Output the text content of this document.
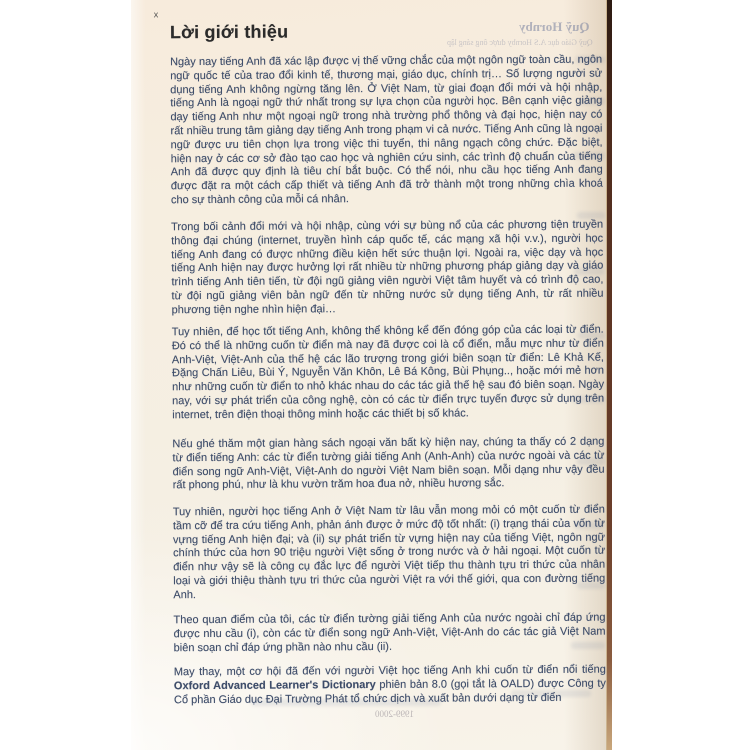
Quỹ Hornby
Quỹ Giáo dục A.S Hornby được ông sáng lập
1999-2000
x
Lời giới thiệu

Ngày nay tiếng Anh đã xác lập được vị thế vững chắc của một ngôn ngữ toàn cầu, ngôn ngữ quốc tế của trao đổi kinh tế, thương mại, giáo dục, chính trị… Số lượng người sử dụng tiếng Anh không ngừng tăng lên. Ở Việt Nam, từ giai đoạn đổi mới và hội nhập, tiếng Anh là ngoại ngữ thứ nhất trong sự lựa chọn của người học. Bên cạnh việc giảng dạy tiếng Anh như một ngoại ngữ trong nhà trường phổ thông và đại học, hiện nay có rất nhiều trung tâm giảng dạy tiếng Anh trong phạm vi cả nước. Tiếng Anh cũng là ngoại ngữ được ưu tiên chọn lựa trong việc thi tuyển, thi nâng ngạch công chức. Đặc biệt, hiện nay ở các cơ sở đào tạo cao học và nghiên cứu sinh, các trình độ chuẩn của tiếng Anh đã được quy định là tiêu chí bắt buộc. Có thể nói, nhu cầu học tiếng Anh đang được đặt ra một cách cấp thiết và tiếng Anh đã trở thành một trong những chìa khoá cho sự thành công của mỗi cá nhân.

Trong bối cảnh đổi mới và hội nhập, cùng với sự bùng nổ của các phương tiện truyền thông đại chúng (internet, truyền hình cáp quốc tế, các mạng xã hội v.v.), người học tiếng Anh đang có được những điều kiện hết sức thuận lợi. Ngoài ra, việc dạy và học tiếng Anh hiện nay được hưởng lợi rất nhiều từ những phương pháp giảng dạy và giáo trình tiếng Anh tiên tiến, từ đội ngũ giảng viên người Việt tâm huyết và có trình độ cao, từ đội ngũ giảng viên bản ngữ đến từ những nước sử dụng tiếng Anh, từ rất nhiều phương tiện nghe nhìn hiện đại…

Tuy nhiên, để học tốt tiếng Anh, không thể không kể đến đóng góp của các loại từ điển. Đó có thể là những cuốn từ điển mà nay đã được coi là cổ điển, mẫu mực như từ điển Anh-Việt, Việt-Anh của thế hệ các lão trượng trong giới biên soạn từ điển: Lê Khả Kế, Đặng Chấn Liêu, Bùi Ý, Nguyễn Văn Khôn, Lê Bá Kông, Bùi Phụng.., hoặc mới mẻ hơn như những cuốn từ điển to nhỏ khác nhau do các tác giả thế hệ sau đó biên soạn. Ngày nay, với sự phát triển của công nghệ, còn có các từ điển trực tuyến được sử dụng trên internet, trên điện thoại thông minh hoặc các thiết bị số khác.

Nếu ghé thăm một gian hàng sách ngoại văn bất kỳ hiện nay, chúng ta thấy có 2 dạng từ điển tiếng Anh: các từ điển tường giải tiếng Anh (Anh-Anh) của nước ngoài và các từ điển song ngữ Anh-Việt, Việt-Anh do người Việt Nam biên soạn. Mỗi dạng như vậy đều rất phong phú, như là khu vườn trăm hoa đua nở, nhiều hương sắc.

Tuy nhiên, người học tiếng Anh ở Việt Nam từ lâu vẫn mong mỏi có một cuốn từ điển tầm cỡ để tra cứu tiếng Anh, phản ánh được ở mức độ tốt nhất: (i) trạng thái của vốn từ vựng tiếng Anh hiện đại; và (ii) sự phát triển từ vựng hiện nay của tiếng Việt, ngôn ngữ chính thức của hơn 90 triệu người Việt sống ở trong nước và ở hải ngoại. Một cuốn từ điển như vậy sẽ là công cụ đắc lực để người Việt tiếp thu thành tựu tri thức của nhân loại và giới thiệu thành tựu tri thức của người Việt ra với thế giới, qua con đường tiếng Anh.

Theo quan điểm của tôi, các từ điển tường giải tiếng Anh của nước ngoài chỉ đáp ứng được nhu cầu (i), còn các từ điển song ngữ Anh-Việt, Việt-Anh do các tác giả Việt Nam biên soạn chỉ đáp ứng phần nào nhu cầu (ii).

May thay, một cơ hội đã đến với người Việt học tiếng Anh khi cuốn từ điển nổi tiếng Oxford Advanced Learner's Dictionary phiên bản 8.0 (gọi tắt là OALD) được Công ty Cổ phần Giáo dục Đại Trường Phát tổ chức dịch và xuất bản dưới dạng từ điển
